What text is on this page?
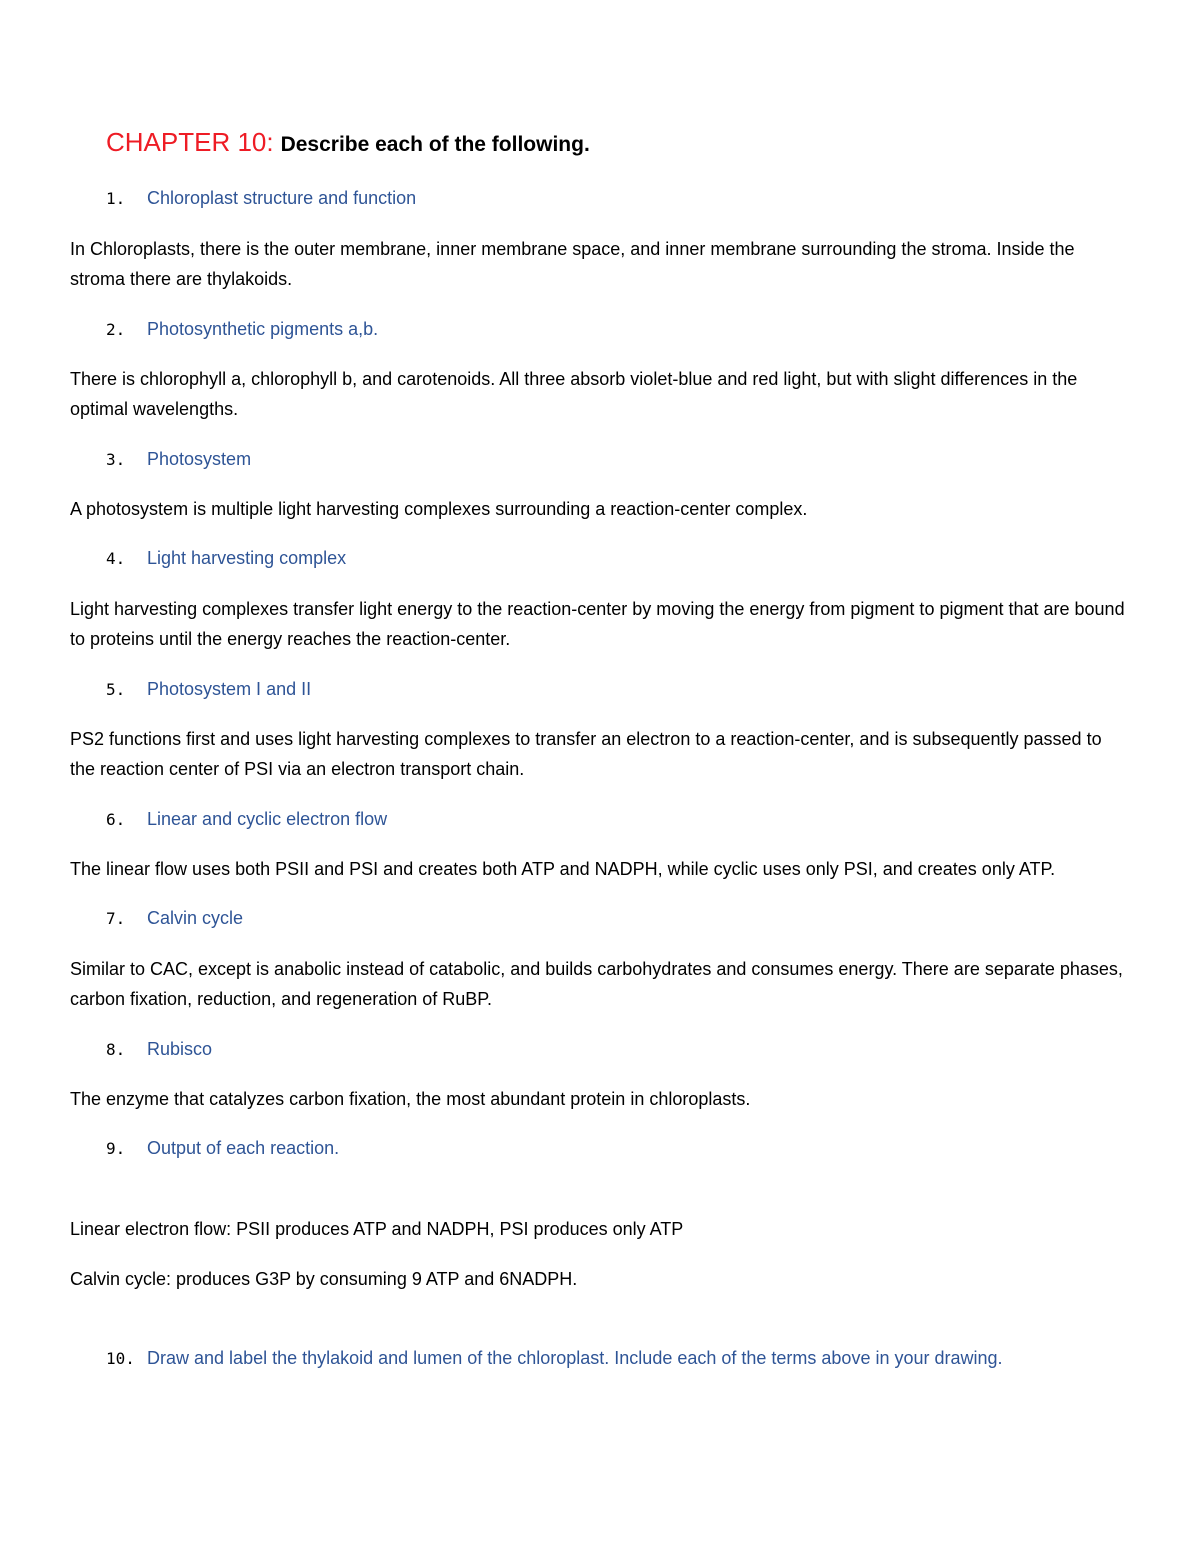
CHAPTER 10: Describe each of the following.
1. Chloroplast structure and function
In Chloroplasts, there is the outer membrane, inner membrane space, and inner membrane surrounding the stroma. Inside the stroma there are thylakoids.
2. Photosynthetic pigments a,b.
There is chlorophyll a, chlorophyll b, and carotenoids. All three absorb violet-blue and red light, but with slight differences in the optimal wavelengths.
3. Photosystem
A photosystem is multiple light harvesting complexes surrounding a reaction-center complex.
4. Light harvesting complex
Light harvesting complexes transfer light energy to the reaction-center by moving the energy from pigment to pigment that are bound to proteins until the energy reaches the reaction-center.
5. Photosystem I and II
PS2 functions first and uses light harvesting complexes to transfer an electron to a reaction-center, and is subsequently passed to the reaction center of PSI via an electron transport chain.
6. Linear and cyclic electron flow
The linear flow uses both PSII and PSI and creates both ATP and NADPH, while cyclic uses only PSI, and creates only ATP.
7. Calvin cycle
Similar to CAC, except is anabolic instead of catabolic, and builds carbohydrates and consumes energy. There are separate phases, carbon fixation, reduction, and regeneration of RuBP.
8. Rubisco
The enzyme that catalyzes carbon fixation, the most abundant protein in chloroplasts.
9. Output of each reaction.
Linear electron flow: PSII produces ATP and NADPH, PSI produces only ATP
Calvin cycle: produces G3P by consuming 9 ATP and 6NADPH.
10. Draw and label the thylakoid and lumen of the chloroplast. Include each of the terms above in your drawing.
